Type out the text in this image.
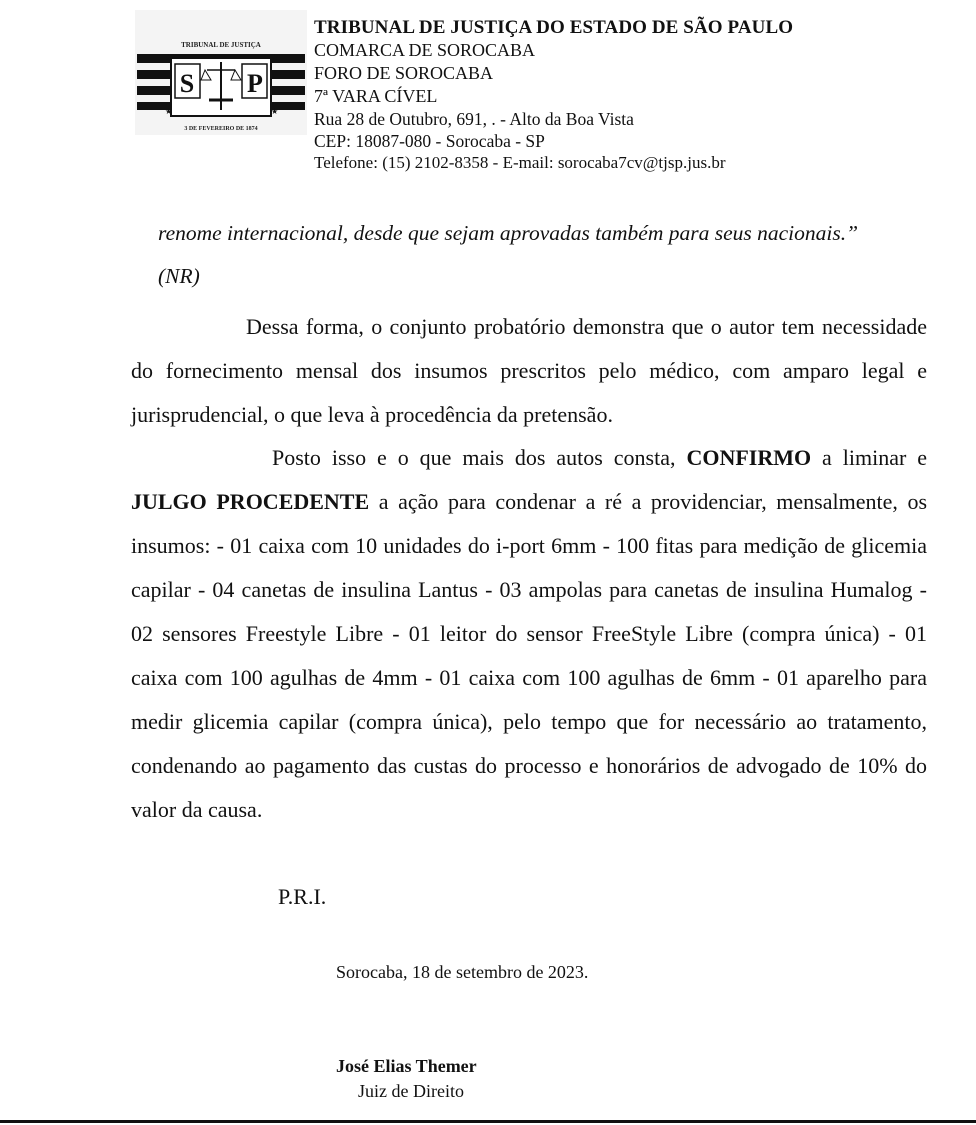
TRIBUNAL DE JUSTIÇA
S P
★	★
★	★
3 DE FEVEREIRO DE 1874
TRIBUNAL DE JUSTIÇA DO ESTADO DE SÃO PAULO
COMARCA DE SOROCABA
FORO DE SOROCABA
7ª VARA CÍVEL
Rua 28 de Outubro, 691, . - Alto da Boa Vista
CEP: 18087-080 - Sorocaba - SP
Telefone: (15) 2102-8358 - E-mail: sorocaba7cv@tjsp.jus.br
renome internacional, desde que sejam aprovadas também para seus nacionais.”
(NR)
Dessa forma, o conjunto probatório demonstra que o autor tem necessidade do fornecimento mensal dos insumos prescritos pelo médico, com amparo legal e jurisprudencial, o que leva à procedência da pretensão.
Posto isso e o que mais dos autos consta, CONFIRMO a liminar e JULGO PROCEDENTE a ação para condenar a ré a providenciar, mensalmente, os insumos: - 01 caixa com 10 unidades do i-port 6mm - 100 fitas para medição de glicemia capilar - 04 canetas de insulina Lantus - 03 ampolas para canetas de insulina Humalog - 02 sensores Freestyle Libre - 01 leitor do sensor FreeStyle Libre (compra única) - 01 caixa com 100 agulhas de 4mm - 01 caixa com 100 agulhas de 6mm - 01 aparelho para medir glicemia capilar (compra única), pelo tempo que for necessário ao tratamento, condenando ao pagamento das custas do processo e honorários de advogado de 10% do valor da causa.
P.R.I.
Sorocaba, 18 de setembro de 2023.
José Elias Themer
Juiz de Direito
